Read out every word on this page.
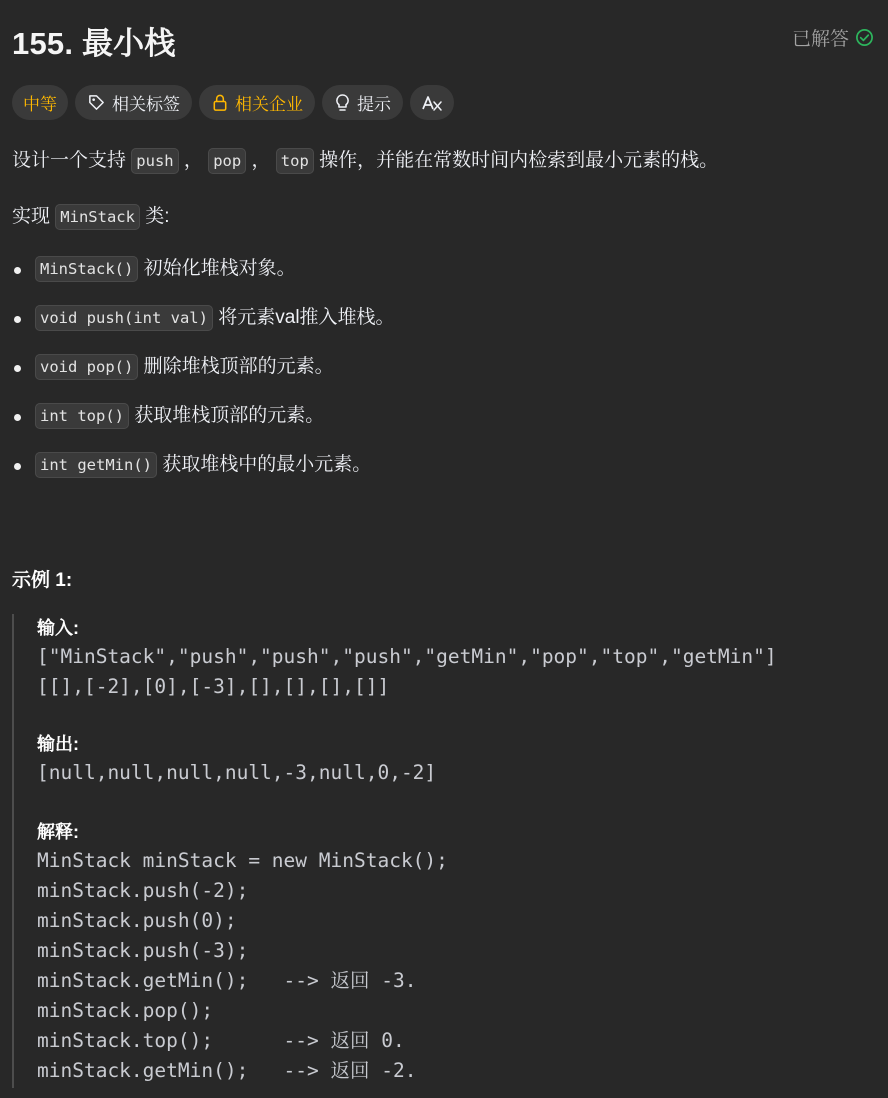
155. 最小栈	已解答
中等	相关标签	相关企业	提示

设计一个支持 push ， pop ， top 操作，并能在常数时间内检索到最小元素的栈。

实现 MinStack 类:

MinStack() 初始化堆栈对象。
void push(int val) 将元素val推入堆栈。
void pop() 删除堆栈顶部的元素。
int top() 获取堆栈顶部的元素。
int getMin() 获取堆栈中的最小元素。
示例 1:
输入:
["MinStack","push","push","push","getMin","pop","top","getMin"]
[[],[-2],[0],[-3],[],[],[],[]]
输出:
[null,null,null,null,-3,null,0,-2]
解释:
MinStack minStack = new MinStack();
minStack.push(-2);
minStack.push(0);
minStack.push(-3);
minStack.getMin();   --> 返回 -3.
minStack.pop();
minStack.top();      --> 返回 0.
minStack.getMin();   --> 返回 -2.
